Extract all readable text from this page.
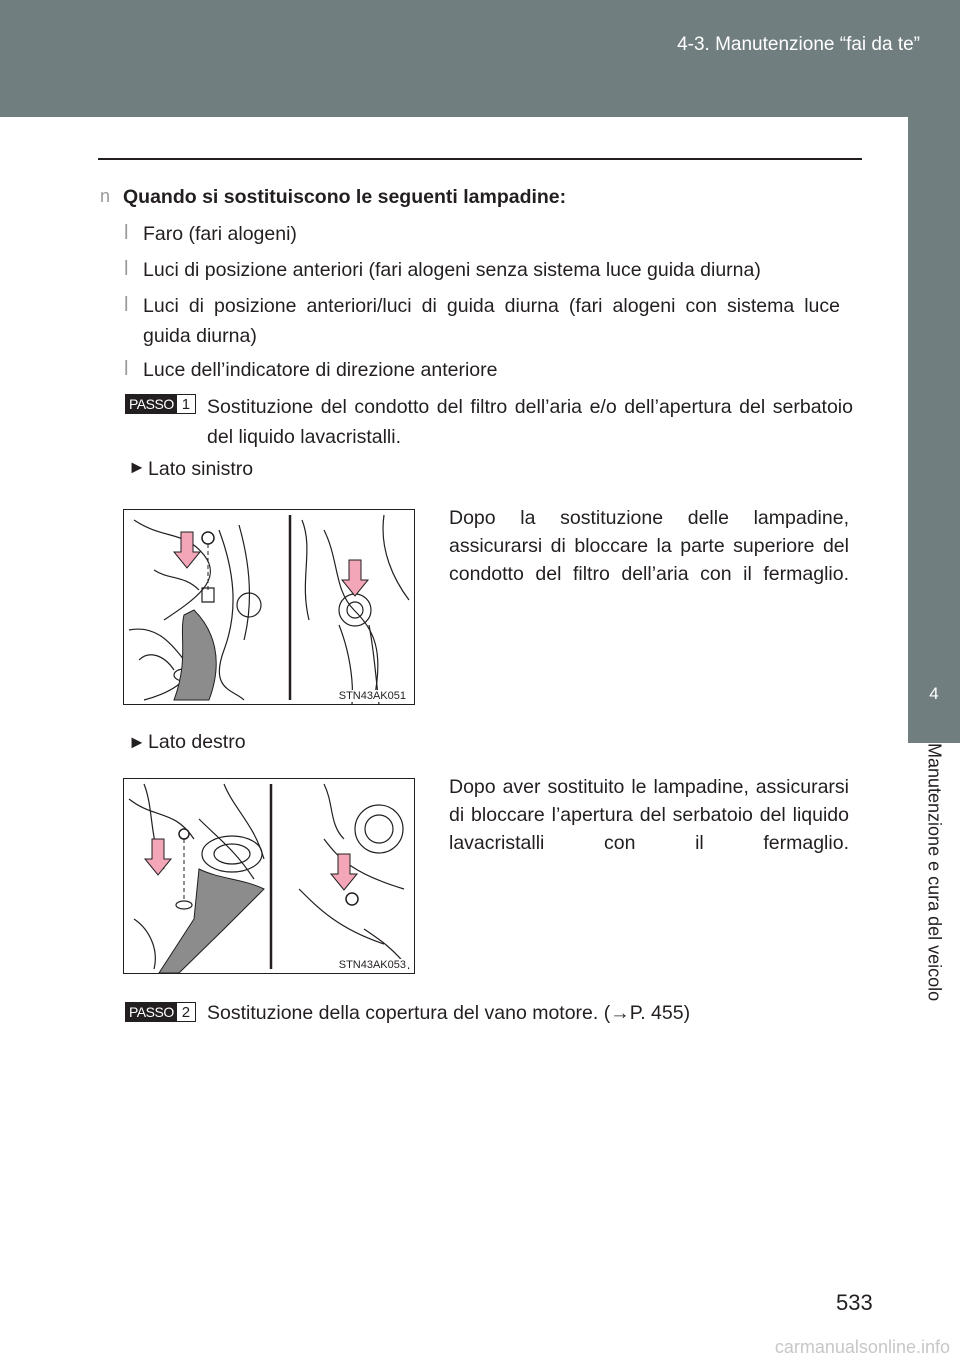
4-3. Manutenzione “fai da te”
4
Manutenzione e cura del veicolo
n Quando si sostituiscono le seguenti lampadine:
l Faro (fari alogeni)
l Luci di posizione anteriori (fari alogeni senza sistema luce guida diurna)
l Luci di posizione anteriori/luci di guida diurna (fari alogeni con sistema luce guida diurna)
l Luce dell’indicatore di direzione anteriore
PASSO 1 Sostituzione del condotto del filtro dell’aria e/o dell’apertura del serbatoio del liquido lavacristalli.
► Lato sinistro
STN43AK051
Dopo la sostituzione delle lampadine, assicurarsi di bloccare la parte superiore del condotto del filtro dell’aria con il fermaglio.
► Lato destro
STN43AK053
Dopo aver sostituito le lampadine, assicurarsi di bloccare l’apertura del serbatoio del liquido lavacristalli con il fermaglio.
PASSO 2 Sostituzione della copertura del vano motore. (→P. 455)
533
carmanualsonline.info
